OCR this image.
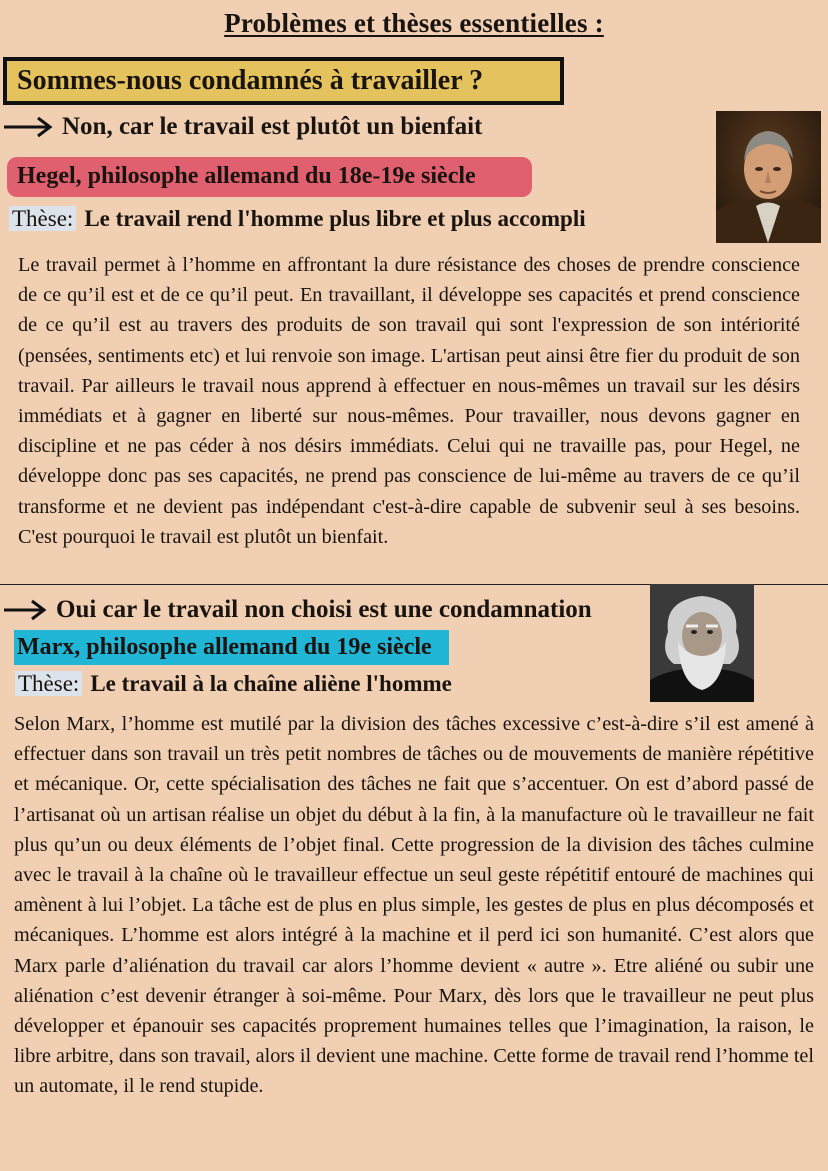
Problèmes et thèses essentielles :
Sommes-nous condamnés à travailler ?
Non, car le travail est plutôt un bienfait
Hegel, philosophe allemand du 18e-19e siècle
Thèse: Le travail rend l'homme plus libre et plus accompli

Le travail permet à l’homme en affrontant la dure résistance des choses de prendre conscience de ce qu’il est et de ce qu’il peut. En travaillant, il développe ses capacités et prend conscience de ce qu’il est au travers des produits de son travail qui sont l'expression de son intériorité (pensées, sentiments etc) et lui renvoie son image. L'artisan peut ainsi être fier du produit de son travail. Par ailleurs le travail nous apprend à effectuer en nous-mêmes un travail sur les désirs immédiats et à gagner en liberté sur nous-mêmes. Pour travailler, nous devons gagner en discipline et ne pas céder à nos désirs immédiats. Celui qui ne travaille pas, pour Hegel, ne développe donc pas ses capacités, ne prend pas conscience de lui-même au travers de ce qu’il transforme et ne devient pas indépendant c'est-à-dire capable de subvenir seul à ses besoins. C'est pourquoi le travail est plutôt un bienfait.

Oui car le travail non choisi est une condamnation
Marx, philosophe allemand du 19e siècle
Thèse: Le travail à la chaîne aliène l'homme

Selon Marx, l’homme est mutilé par la division des tâches excessive c’est-à-dire s’il est amené à effectuer dans son travail un très petit nombres de tâches ou de mouvements de manière répétitive et mécanique. Or, cette spécialisation des tâches ne fait que s’accentuer. On est d’abord passé de l’artisanat où un artisan réalise un objet du début à la fin, à la manufacture où le travailleur ne fait plus qu’un ou deux éléments de l’objet final. Cette progression de la division des tâches culmine avec le travail à la chaîne où le travailleur effectue un seul geste répétitif entouré de machines qui amènent à lui l’objet. La tâche est de plus en plus simple, les gestes de plus en plus décomposés et mécaniques. L’homme est alors intégré à la machine et il perd ici son humanité. C’est alors que Marx parle d’aliénation du travail car alors l’homme devient « autre ». Etre aliéné ou subir une aliénation c’est devenir étranger à soi-même. Pour Marx, dès lors que le travailleur ne peut plus développer et épanouir ses capacités proprement humaines telles que l’imagination, la raison, le libre arbitre, dans son travail, alors il devient une machine. Cette forme de travail rend l’homme tel un automate, il le rend stupide.
